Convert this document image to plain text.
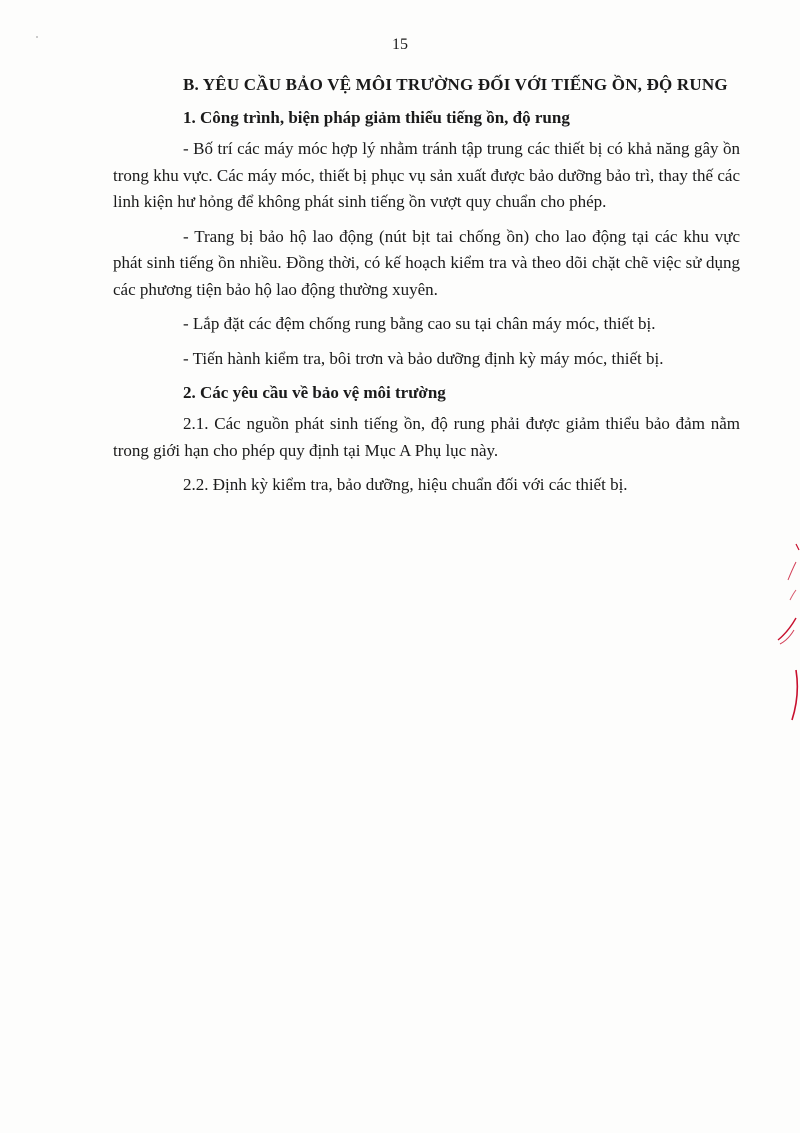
15

B. YÊU CẦU BẢO VỆ MÔI TRƯỜNG ĐỐI VỚI TIẾNG ỒN, ĐỘ RUNG

1. Công trình, biện pháp giảm thiểu tiếng ồn, độ rung

- Bố trí các máy móc hợp lý nhằm tránh tập trung các thiết bị có khả năng gây ồn trong khu vực. Các máy móc, thiết bị phục vụ sản xuất được bảo dưỡng bảo trì, thay thế các linh kiện hư hỏng để không phát sinh tiếng ồn vượt quy chuẩn cho phép.

- Trang bị bảo hộ lao động (nút bịt tai chống ồn) cho lao động tại các khu vực phát sinh tiếng ồn nhiều. Đồng thời, có kế hoạch kiểm tra và theo dõi chặt chẽ việc sử dụng các phương tiện bảo hộ lao động thường xuyên.

- Lắp đặt các đệm chống rung bằng cao su tại chân máy móc, thiết bị.

- Tiến hành kiểm tra, bôi trơn và bảo dưỡng định kỳ máy móc, thiết bị.

2. Các yêu cầu về bảo vệ môi trường

2.1. Các nguồn phát sinh tiếng ồn, độ rung phải được giảm thiểu bảo đảm nằm trong giới hạn cho phép quy định tại Mục A Phụ lục này.

2.2. Định kỳ kiểm tra, bảo dưỡng, hiệu chuẩn đối với các thiết bị.
